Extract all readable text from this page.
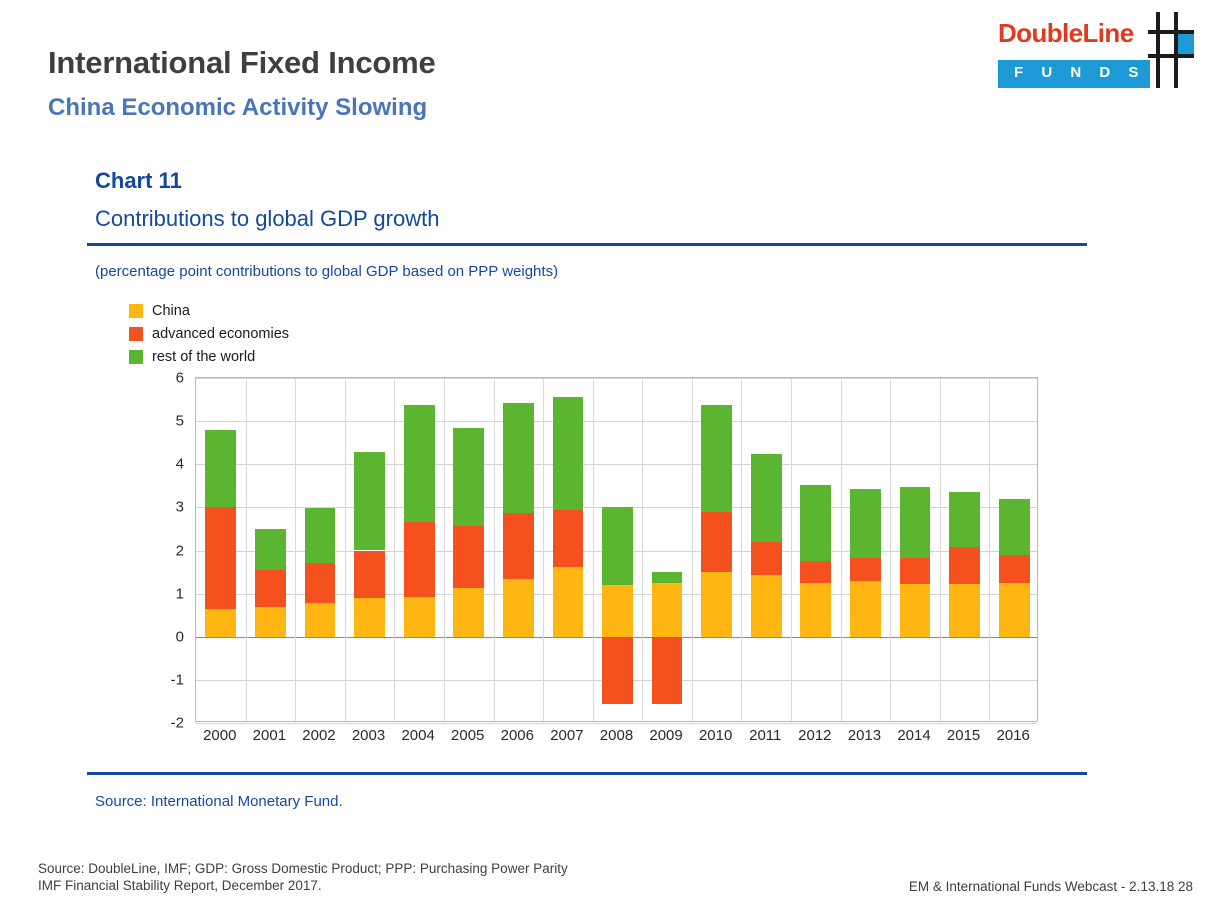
International Fixed Income
China Economic Activity Slowing
DoubleLine
F U N D S
Chart 11
Contributions to global GDP growth
(percentage point contributions to global GDP based on PPP weights)
China
advanced economies
rest of the world
6
5
4
3
2
1
0
-1
-2
2000	2001	2002	2003	2004	2005	2006	2007	2008	2009	2010	2011	2012	2013	2014	2015	2016
Source: International Monetary Fund.
Source: DoubleLine, IMF; GDP: Gross Domestic Product; PPP: Purchasing Power Parity
IMF Financial Stability Report, December 2017.	EM & International Funds Webcast - 2.13.18 28
